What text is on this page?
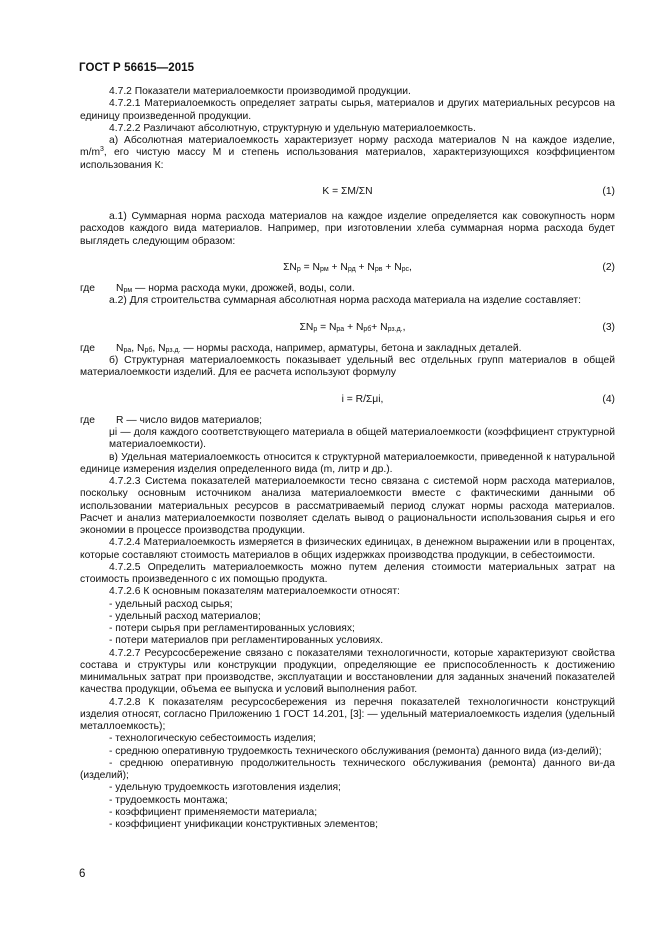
ГОСТ Р 56615—2015

4.7.2 Показатели материалоемкости производимой продукции.

4.7.2.1 Материалоемкость определяет затраты сырья, материалов и других материальных ресурсов на единицу произведенной продукции.

4.7.2.2 Различают абсолютную, структурную и удельную материалоемкость.

а) Абсолютная материалоемкость характеризует норму расхода материалов N на каждое изделие, $m/m^3$, его чистую массу М и степень использования материалов, характеризующихся коэффициентом использования К:

K = ΣM/ΣN	(1)

а.1) Суммарная норма расхода материалов на каждое изделие определяется как совокупность норм расходов каждого вида материалов. Например, при изготовлении хлеба суммарная норма расхода будет выглядеть следующим образом:

$\Sigma N_p = N_{рм} + N_{рд} + N_{рв} + N_{рс}$,	(2)

где $N_{рм}$ — норма расхода муки, дрожжей, воды, соли.

а.2) Для строительства суммарная абсолютная норма расхода материала на изделие составляет:

$\Sigma N_p = N_{ра} + N_{рб}+ N_{рз.д.}$,	(3)

где $N_{ра}$, $N_{рб}$, $N_{рз.д.}$ — нормы расхода, например, арматуры, бетона и закладных деталей.

б) Структурная материалоемкость показывает удельный вес отдельных групп материалов в общей материалоемкости изделий. Для ее расчета используют формулу

i = R/Σμi,	(4)

где R — число видов материалов;

μi — доля каждого соответствующего материала в общей материалоемкости (коэффициент структурной материалоемкости).

в) Удельная материалоемкость относится к структурной материалоемкости, приведенной к натуральной единице измерения изделия определенного вида (m, литр и др.).

4.7.2.3 Система показателей материалоемкости тесно связана с системой норм расхода материалов, поскольку основным источником анализа материалоемкости вместе с фактическими данными об использовании материальных ресурсов в рассматриваемый период служат нормы расхода материалов. Расчет и анализ материалоемкости позволяет сделать вывод о рациональности использования сырья и его экономии в процессе производства продукции.

4.7.2.4 Материалоемкость измеряется в физических единицах, в денежном выражении или в процентах, которые составляют стоимость материалов в общих издержках производства продукции, в себестоимости.

4.7.2.5 Определить материалоемкость можно путем деления стоимости материальных затрат на стоимость произведенного с их помощью продукта.

4.7.2.6 К основным показателям материалоемкости относят:

- удельный расход сырья;

- удельный расход материалов;

- потери сырья при регламентированных условиях;

- потери материалов при регламентированных условиях.

4.7.2.7 Ресурсосбережение связано с показателями технологичности, которые характеризуют свойства состава и структуры или конструкции продукции, определяющие ее приспособленность к достижению минимальных затрат при производстве, эксплуатации и восстановлении для заданных значений показателей качества продукции, объема ее выпуска и условий выполнения работ.

4.7.2.8 К показателям ресурсосбережения из перечня показателей технологичности конструкций изделия относят, согласно Приложению 1 ГОСТ 14.201, [3]: — удельный материалоемкость изделия (удельный металлоемкость);

- технологическую себестоимость изделия;

- среднюю оперативную трудоемкость технического обслуживания (ремонта) данного вида (из-делий);

- среднюю оперативную продолжительность технического обслуживания (ремонта) данного ви-да (изделий);

- удельную трудоемкость изготовления изделия;

- трудоемкость монтажа;

- коэффициент применяемости материала;

- коэффициент унификации конструктивных элементов;

6
